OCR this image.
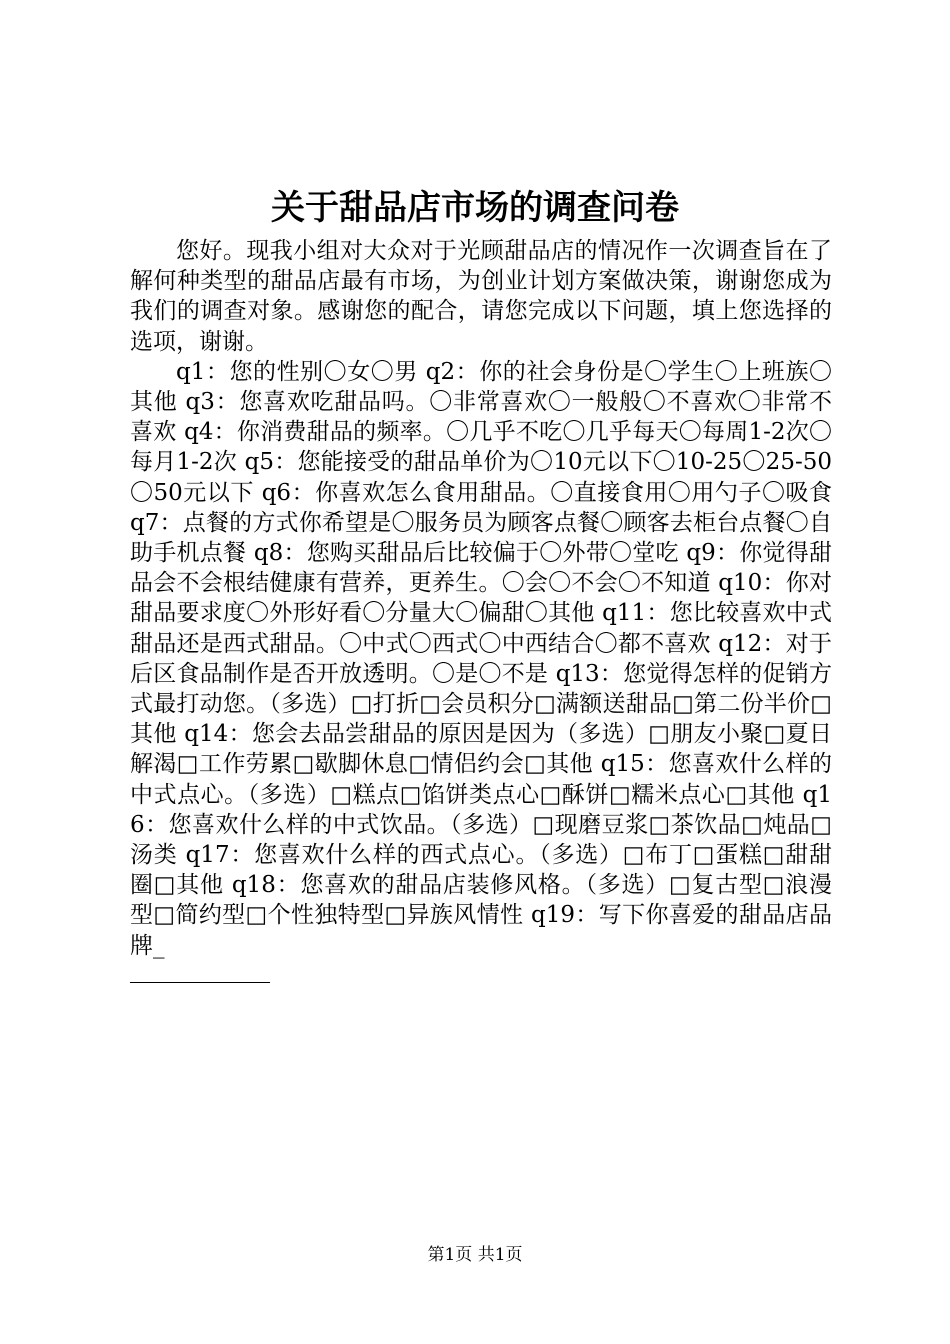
关于甜品店市场的调查问卷

您好。现我小组对大众对于光顾甜品店的情况作一次调查旨在了解何种类型的甜品店最有市场，为创业计划方案做决策，谢谢您成为我们的调查对象。感谢您的配合，请您完成以下问题，填上您选择的选项，谢谢。

q1：您的性别〇女〇男 q2：你的社会身份是〇学生〇上班族〇其他 q3：您喜欢吃甜品吗。〇非常喜欢〇一般般〇不喜欢〇非常不喜欢 q4：你消费甜品的频率。〇几乎不吃〇几乎每天〇每周1-2次〇每月1-2次 q5：您能接受的甜品单价为〇10元以下〇10-25〇25-50〇50元以下 q6：你喜欢怎么食用甜品。〇直接食用〇用勺子〇吸食 q7：点餐的方式你希望是〇服务员为顾客点餐〇顾客去柜台点餐〇自助手机点餐 q8：您购买甜品后比较偏于〇外带〇堂吃 q9：你觉得甜品会不会根结健康有营养，更养生。〇会〇不会〇不知道 q10：你对甜品要求度〇外形好看〇分量大〇偏甜〇其他 q11：您比较喜欢中式甜品还是西式甜品。〇中式〇西式〇中西结合〇都不喜欢 q12：对于后区食品制作是否开放透明。〇是〇不是 q13：您觉得怎样的促销方式最打动您。（多选）□打折□会员积分□满额送甜品□第二份半价□其他 q14：您会去品尝甜品的原因是因为（多选）□朋友小聚□夏日解渴□工作劳累□歇脚休息□情侣约会□其他 q15：您喜欢什么样的中式点心。（多选）□糕点□馅饼类点心□酥饼□糯米点心□其他 q16：您喜欢什么样的中式饮品。（多选）□现磨豆浆□茶饮品□炖品□汤类 q17：您喜欢什么样的西式点心。（多选）□布丁□蛋糕□甜甜圈□其他 q18：您喜欢的甜品店装修风格。（多选）□复古型□浪漫型□简约型□个性独特型□异族风情性 q19：写下你喜爱的甜品店品牌_

第1页 共1页
